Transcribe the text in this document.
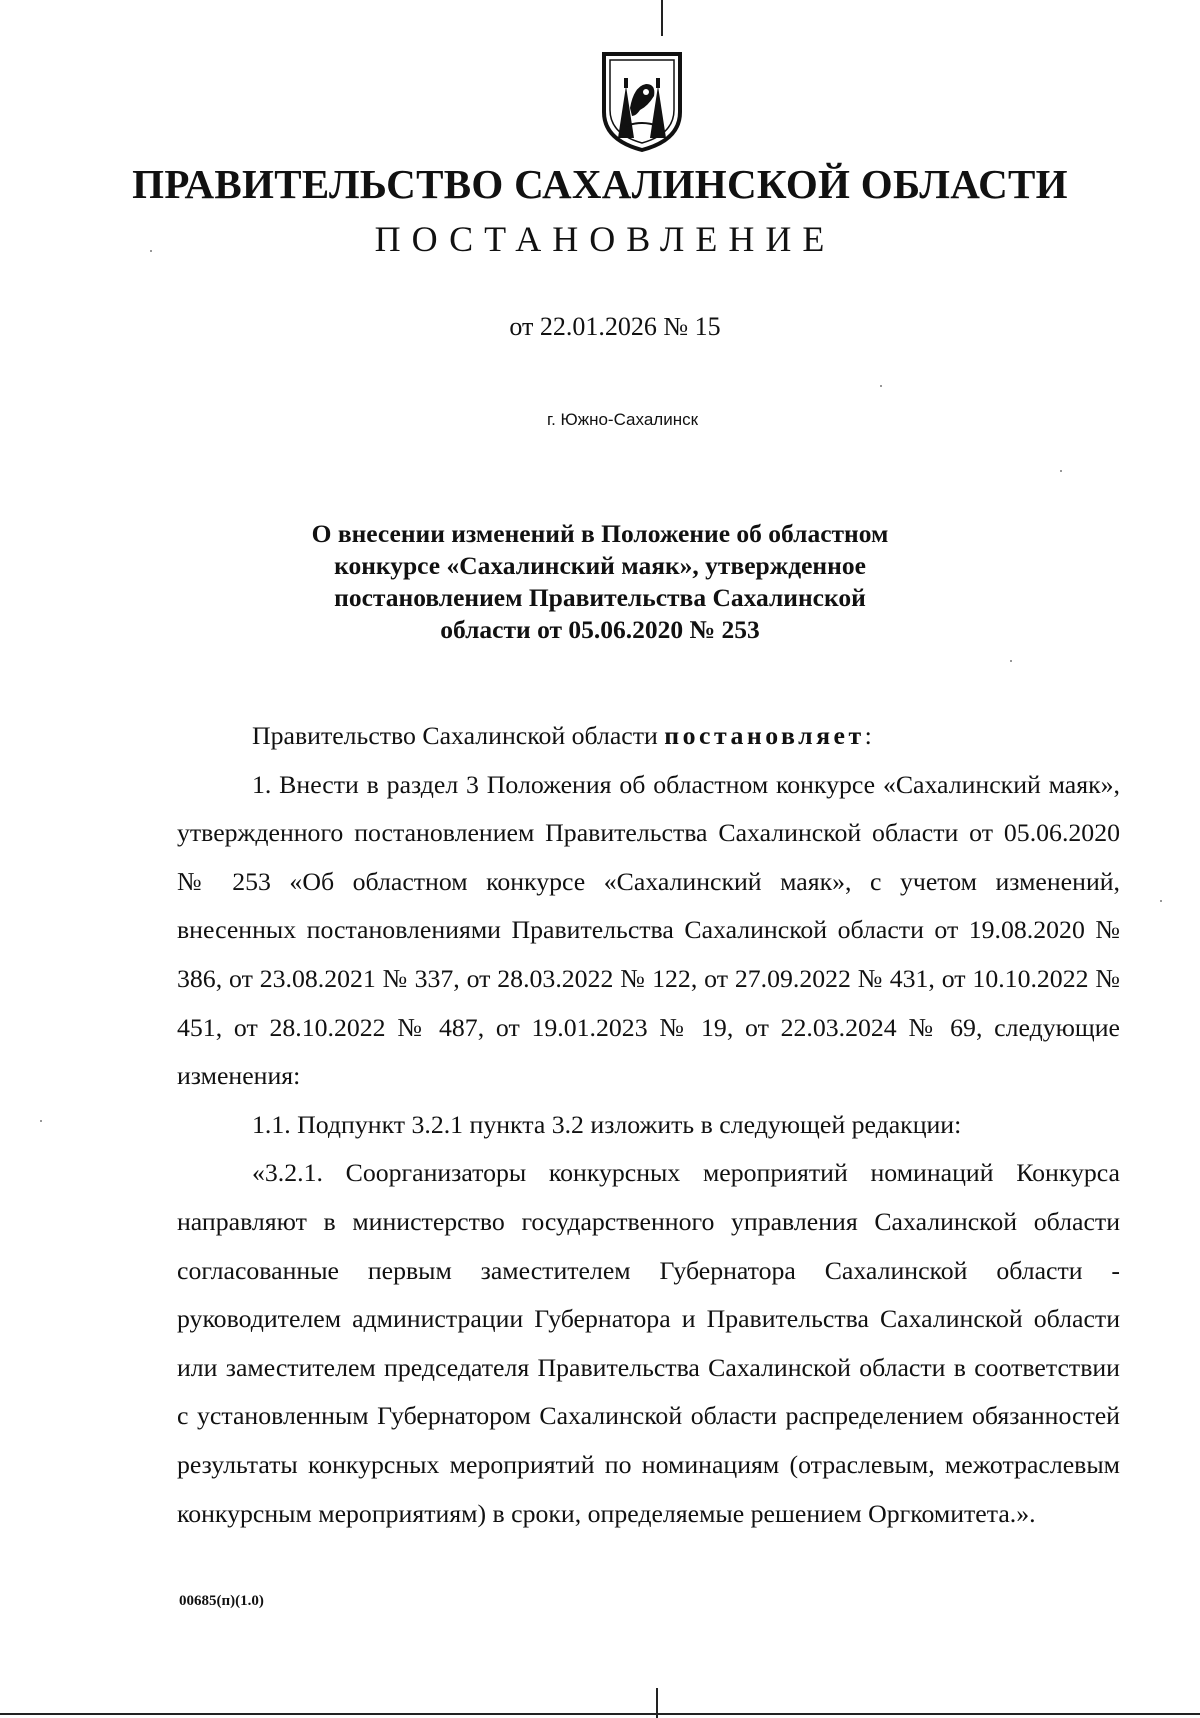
ПРАВИТЕЛЬСТВО САХАЛИНСКОЙ ОБЛАСТИ
ПОСТАНОВЛЕНИЕ
от 22.01.2026 № 15
г. Южно-Сахалинск
О внесении изменений в Положение об областном
конкурсе «Сахалинский маяк», утвержденное
постановлением Правительства Сахалинской
области от 05.06.2020 № 253

Правительство Сахалинской области постановляет:

1. Внести в раздел 3 Положения об областном конкурсе «Сахалинский маяк», утвержденного постановлением Правительства Сахалинской области от 05.06.2020 № 253 «Об областном конкурсе «Сахалинский маяк», с учетом изменений, внесенных постановлениями Правительства Сахалинской области от 19.08.2020 № 386, от 23.08.2021 № 337, от 28.03.2022 № 122, от 27.09.2022 № 431, от 10.10.2022 № 451, от 28.10.2022 № 487, от 19.01.2023 № 19, от 22.03.2024 № 69, следующие изменения:

1.1. Подпункт 3.2.1 пункта 3.2 изложить в следующей редакции:

«3.2.1. Соорганизаторы конкурсных мероприятий номинаций Конкурса направляют в министерство государственного управления Сахалинской области согласованные первым заместителем Губернатора Сахалинской области - руководителем администрации Губернатора и Правительства Сахалинской области или заместителем председателя Правительства Сахалинской области в соответствии с установленным Губернатором Сахалинской области распределением обязанностей результаты конкурсных мероприятий по номинациям (отраслевым, межотраслевым конкурсным мероприятиям) в сроки, определяемые решением Оргкомитета.».

00685(п)(1.0)
